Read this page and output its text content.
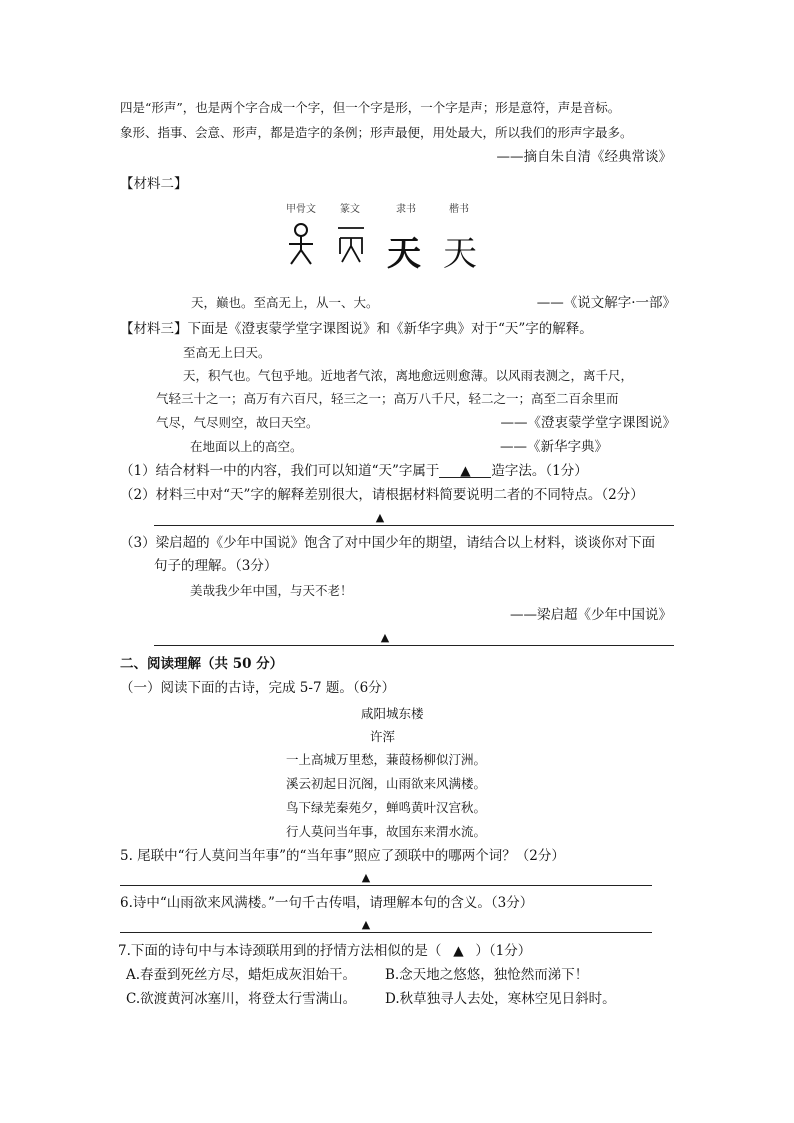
四是“形声”，也是两个字合成一个字，但一个字是形，一个字是声；形是意符，声是音标。
象形、指事、会意、形声，都是造字的条例；形声最便，用处最大，所以我们的形声字最多。
——摘自朱自清《经典常谈》
【材料二】
甲骨文 篆文	隶书	楷书
天 天
天，巅也。至高无上，从一、大。	——《说文解字·一部》
【材料三】下面是《澄衷蒙学堂字课图说》和《新华字典》对于“天”字的解释。
至高无上曰天。
天，积气也。气包乎地。近地者气浓，离地愈远则愈薄。以风雨表测之，离千尺，
气轻三十之一；高万有六百尺，轻三之一；高万八千尺，轻二之一；高至二百余里而
气尽，气尽则空，故曰天空。	——《澄衷蒙学堂字课图说》
在地面以上的高空。	——《新华字典》
（1）结合材料一中的内容，我们可以知道“天”字属于 ▲ 造字法。（1分）
（2）材料三中对“天”字的解释差别很大，请根据材料简要说明二者的不同特点。（2分）
▲
（3）梁启超的《少年中国说》饱含了对中国少年的期望，请结合以上材料，谈谈你对下面
句子的理解。（3分）
美哉我少年中国，与天不老！
——梁启超《少年中国说》
▲
二、阅读理解（共 50 分）
（一）阅读下面的古诗，完成 5-7 题。（6分）
咸阳城东楼
许浑
一上高城万里愁，蒹葭杨柳似汀洲。
溪云初起日沉阁，山雨欲来风满楼。
鸟下绿芜秦苑夕，蝉鸣黄叶汉宫秋。
行人莫问当年事，故国东来渭水流。
5. 尾联中“行人莫问当年事”的“当年事”照应了颈联中的哪两个词？（2分）
▲
6.诗中“山雨欲来风满楼。”一句千古传唱，请理解本句的含义。（3分）
▲
7.下面的诗句中与本诗颈联用到的抒情方法相似的是（ ▲ ）（1分）
A.春蚕到死丝方尽，蜡炬成灰泪始干。 B.念天地之悠悠，独怆然而涕下！
C.欲渡黄河冰塞川，将登太行雪满山。 D.秋草独寻人去处，寒林空见日斜时。
